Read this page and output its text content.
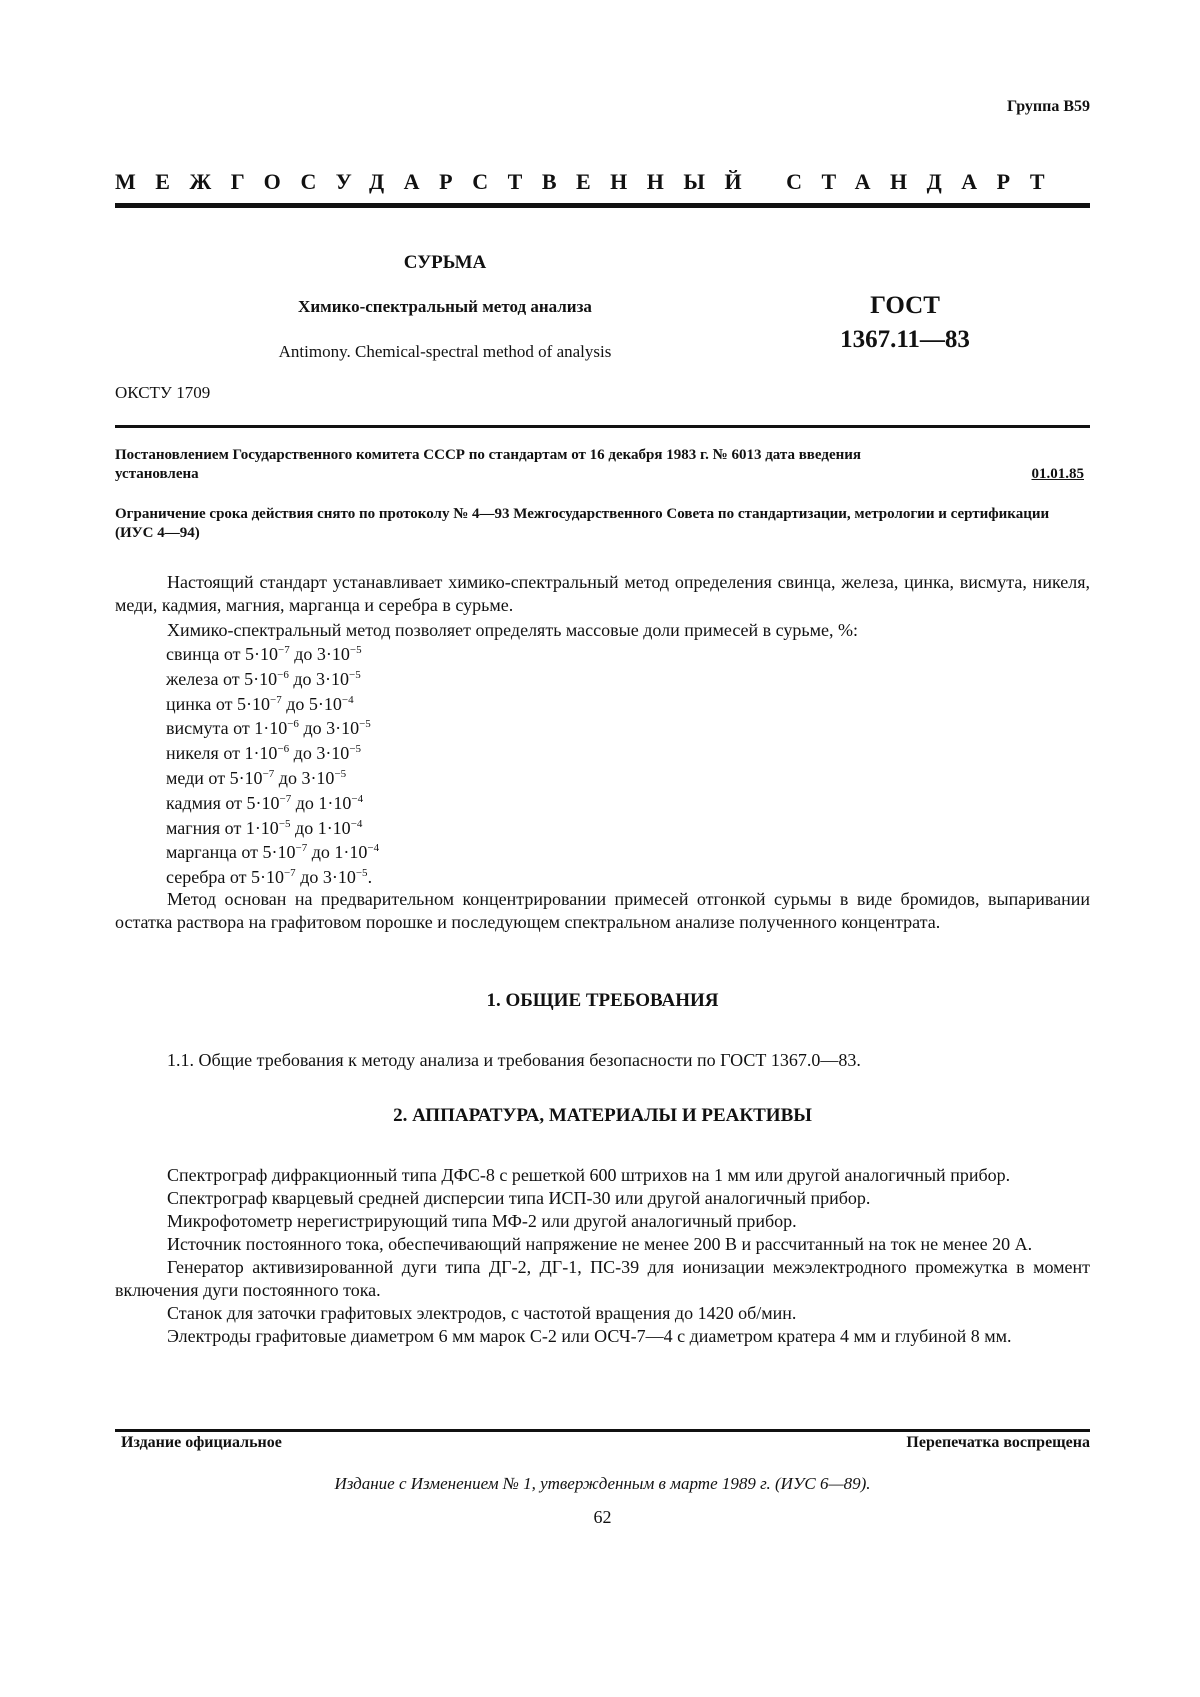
Группа В59
МЕЖГОСУДАРСТВЕННЫЙ СТАНДАРТ
СУРЬМА
Химико-спектральный метод анализа
Antimony. Chemical-spectral method of analysis
ГОСТ
1367.11—83
ОКСТУ 1709
Постановлением Государственного комитета СССР по стандартам от 16 декабря 1983 г. № 6013 дата введения
установлена	01.01.85
Ограничение срока действия снято по протоколу № 4—93 Межгосударственного Совета по стандартизации, метрологии и сертификации (ИУС 4—94)
Настоящий стандарт устанавливает химико-спектральный метод определения свинца, железа, цинка, висмута, никеля, меди, кадмия, магния, марганца и серебра в сурьме.
Химико-спектральный метод позволяет определять массовые доли примесей в сурьме, %:
свинца от $5\cdot 10^{-7}$ до $3\cdot 10^{-5}$
железа от $5\cdot 10^{-6}$ до $3\cdot 10^{-5}$
цинка от $5\cdot 10^{-7}$ до $5\cdot 10^{-4}$
висмута от $1\cdot 10^{-6}$ до $3\cdot 10^{-5}$
никеля от $1\cdot 10^{-6}$ до $3\cdot 10^{-5}$
меди от $5\cdot 10^{-7}$ до $3\cdot 10^{-5}$
кадмия от $5\cdot 10^{-7}$ до $1\cdot 10^{-4}$
магния от $1\cdot 10^{-5}$ до $1\cdot 10^{-4}$
марганца от $5\cdot 10^{-7}$ до $1\cdot 10^{-4}$
серебра от $5\cdot 10^{-7}$ до $3\cdot 10^{-5}$.
Метод основан на предварительном концентрировании примесей отгонкой сурьмы в виде бромидов, выпаривании остатка раствора на графитовом порошке и последующем спектральном анализе полученного концентрата.
1. ОБЩИЕ ТРЕБОВАНИЯ
1.1. Общие требования к методу анализа и требования безопасности по ГОСТ 1367.0—83.
2. АППАРАТУРА, МАТЕРИАЛЫ И РЕАКТИВЫ
Спектрограф дифракционный типа ДФС-8 с решеткой 600 штрихов на 1 мм или другой аналогичный прибор.
Спектрограф кварцевый средней дисперсии типа ИСП-30 или другой аналогичный прибор.
Микрофотометр нерегистрирующий типа МФ-2 или другой аналогичный прибор.
Источник постоянного тока, обеспечивающий напряжение не менее 200 В и рассчитанный на ток не менее 20 А.
Генератор активизированной дуги типа ДГ-2, ДГ-1, ПС-39 для ионизации межэлектродного промежутка в момент включения дуги постоянного тока.
Станок для заточки графитовых электродов, с частотой вращения до 1420 об/мин.
Электроды графитовые диаметром 6 мм марок С-2 или ОСЧ-7—4 с диаметром кратера 4 мм и глубиной 8 мм.
Издание официальное	Перепечатка воспрещена
Издание с Изменением № 1, утвержденным в марте 1989 г. (ИУС 6—89).
62
